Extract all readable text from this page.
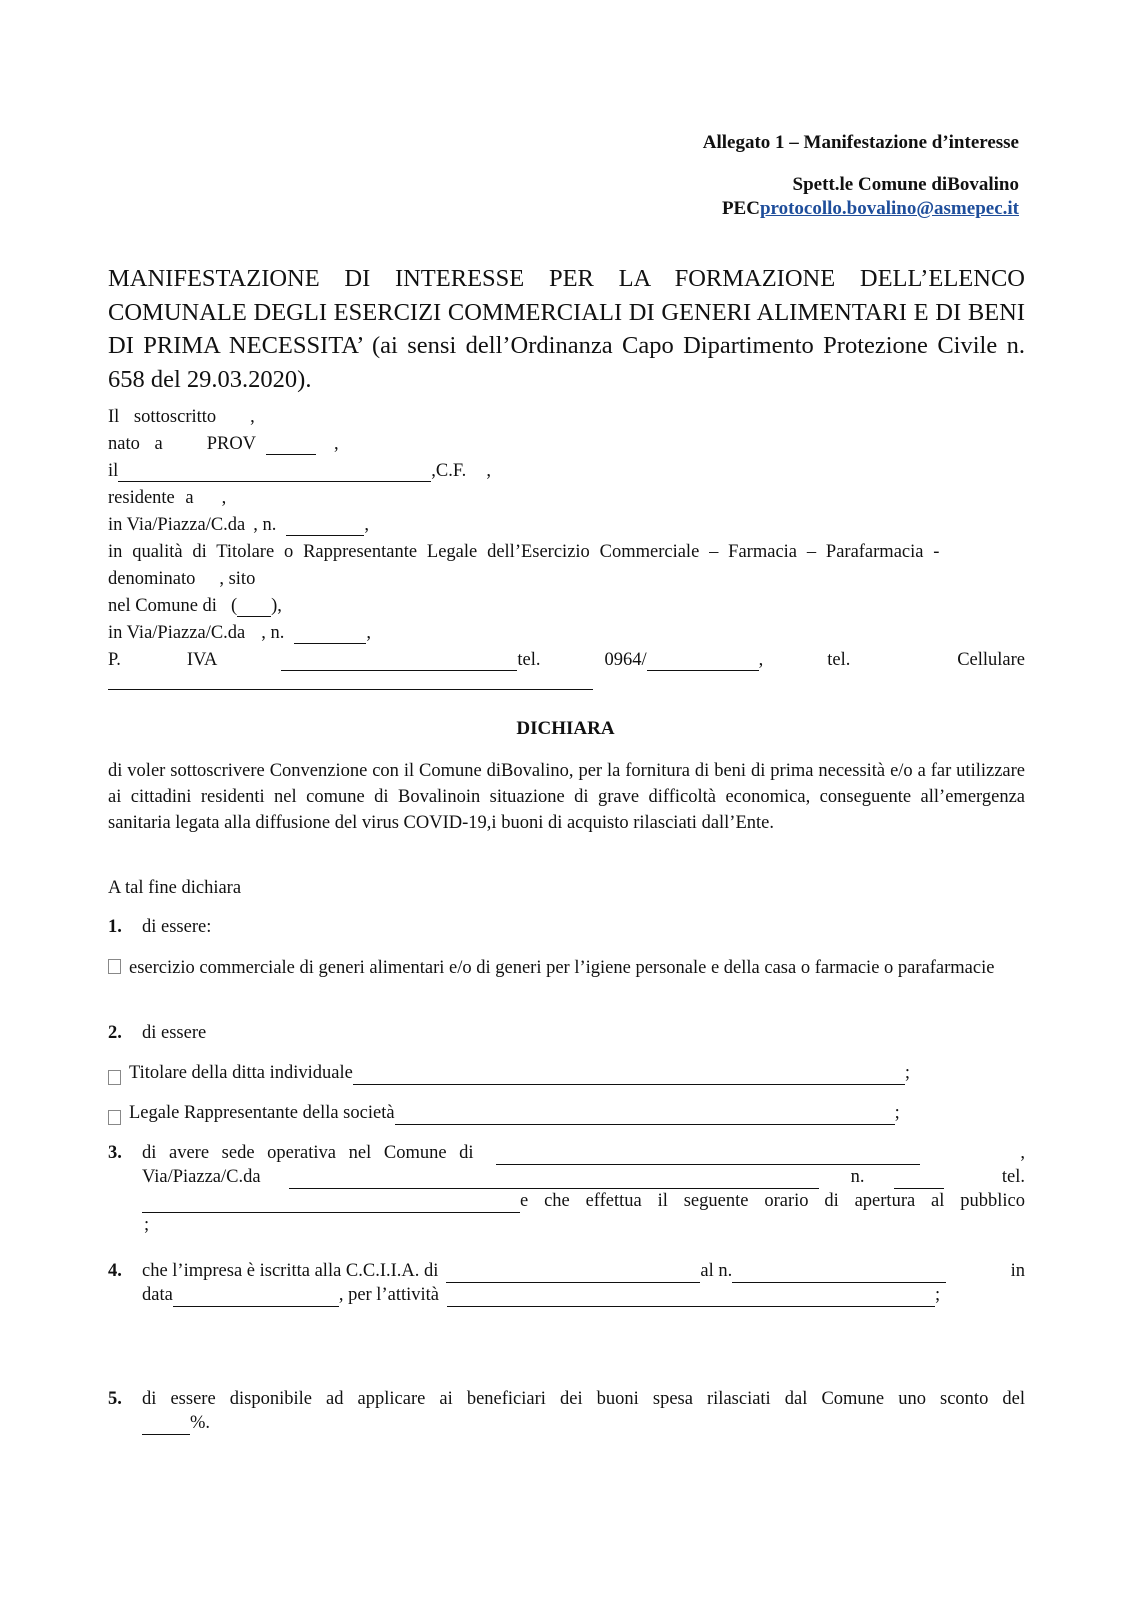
Allegato 1 – Manifestazione d’interesse
Spett.le Comune diBovalino
PECprotocollo.bovalino@asmepec.it
MANIFESTAZIONE DI INTERESSE PER LA FORMAZIONE DELL’ELENCO COMUNALE DEGLI ESERCIZI COMMERCIALI DI GENERI ALIMENTARI E DI BENI DI PRIMA NECESSITA’ (ai sensi dell’Ordinanza Capo Dipartimento Protezione Civile n. 658 del 29.03.2020).
Il sottoscritto ,
nato a PROV	,
il	,C.F. ,
residente a ,
in Via/Piazza/C.da , n.	,
in qualità di Titolare o Rappresentante Legale dell’Esercizio Commerciale – Farmacia – Parafarmacia -
denominato , sito
nel Comune di ( ),
in Via/Piazza/C.da , n.	,
P.	IVA	tel.	0964/	,	tel.	Cellulare
DICHIARA
di voler sottoscrivere Convenzione con il Comune diBovalino, per la fornitura di beni di prima necessità e/o a far utilizzare ai cittadini residenti nel comune di Bovalinoin situazione di grave difficoltà economica, conseguente all’emergenza sanitaria legata alla diffusione del virus COVID-19,i buoni di acquisto rilasciati dall’Ente.
A tal fine dichiara
1.	di essere:
esercizio commerciale di generi alimentari e/o di generi per l’igiene personale e della casa o farmacie o parafarmacie
2.	di essere
Titolare della ditta individuale	;
Legale Rappresentante della società	;
3.	di avere sede operativa nel Comune di	,
Via/Piazza/C.da	n.	tel.
e che effettua il seguente orario di apertura al pubblico
;
4.	che l’impresa è iscritta alla C.C.I.I.A. di	al n.	in
data	, per l’attività	;
5.	di essere disponibile ad applicare ai beneficiari dei buoni spesa rilasciati dal Comune uno sconto del
%.
